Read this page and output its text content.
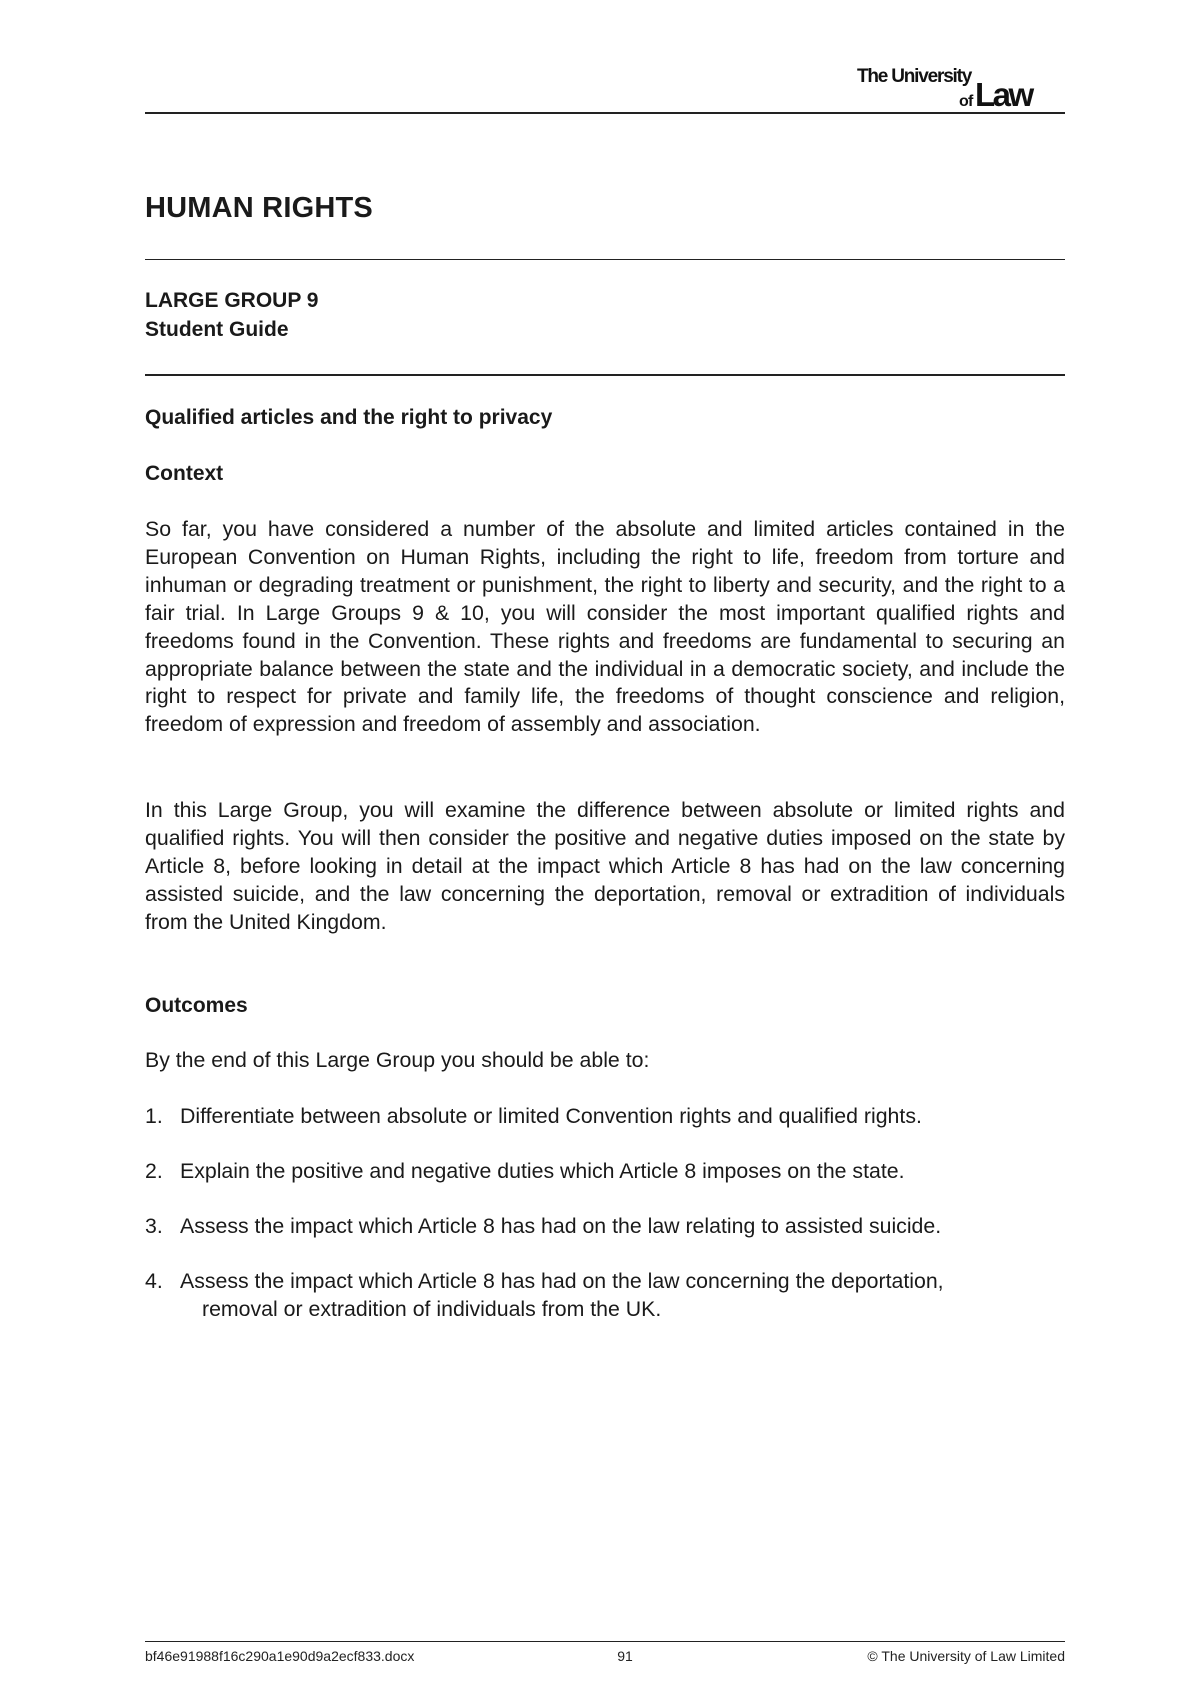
The University
of Law
HUMAN RIGHTS
LARGE GROUP 9
Student Guide
Qualified articles and the right to privacy
Context

So far, you have considered a number of the absolute and limited articles contained in the European Convention on Human Rights, including the right to life, freedom from torture and inhuman or degrading treatment or punishment, the right to liberty and security, and the right to a fair trial. In Large Groups 9 & 10, you will consider the most important qualified rights and freedoms found in the Convention. These rights and freedoms are fundamental to securing an appropriate balance between the state and the individual in a democratic society, and include the right to respect for private and family life, the freedoms of thought conscience and religion, freedom of expression and freedom of assembly and association.

In this Large Group, you will examine the difference between absolute or limited rights and qualified rights. You will then consider the positive and negative duties imposed on the state by Article 8, before looking in detail at the impact which Article 8 has had on the law concerning assisted suicide, and the law concerning the deportation, removal or extradition of individuals from the United Kingdom.

Outcomes

By the end of this Large Group you should be able to:

1. Differentiate between absolute or limited Convention rights and qualified rights.
2. Explain the positive and negative duties which Article 8 imposes on the state.
3. Assess the impact which Article 8 has had on the law relating to assisted suicide.
4. Assess the impact which Article 8 has had on the law concerning the deportation,
removal or extradition of individuals from the UK.
bf46e91988f16c290a1e90d9a2ecf833.docx	91	© The University of Law Limited
